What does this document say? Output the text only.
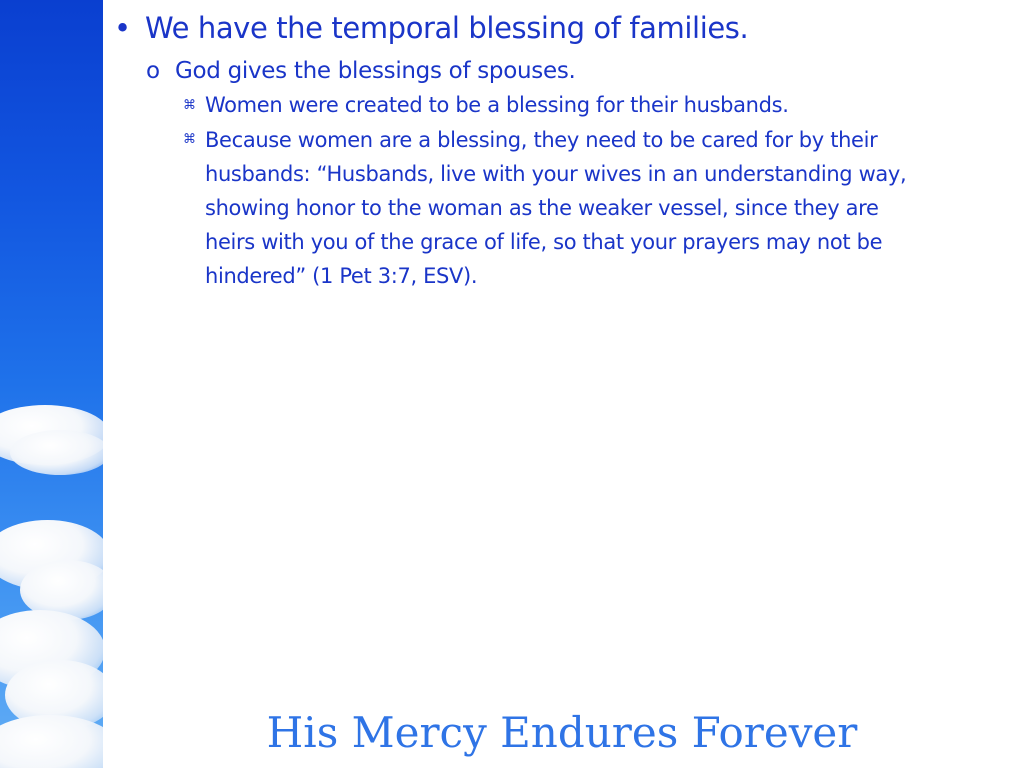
• We have the temporal blessing of families.
o God gives the blessings of spouses.
⌘ Women were created to be a blessing for their husbands.
⌘ Because women are a blessing, they need to be cared for by their
husbands: “Husbands, live with your wives in an understanding way,
showing honor to the woman as the weaker vessel, since they are
heirs with you of the grace of life, so that your prayers may not be
hindered” (1 Pet 3:7, ESV).
His Mercy Endures Forever
